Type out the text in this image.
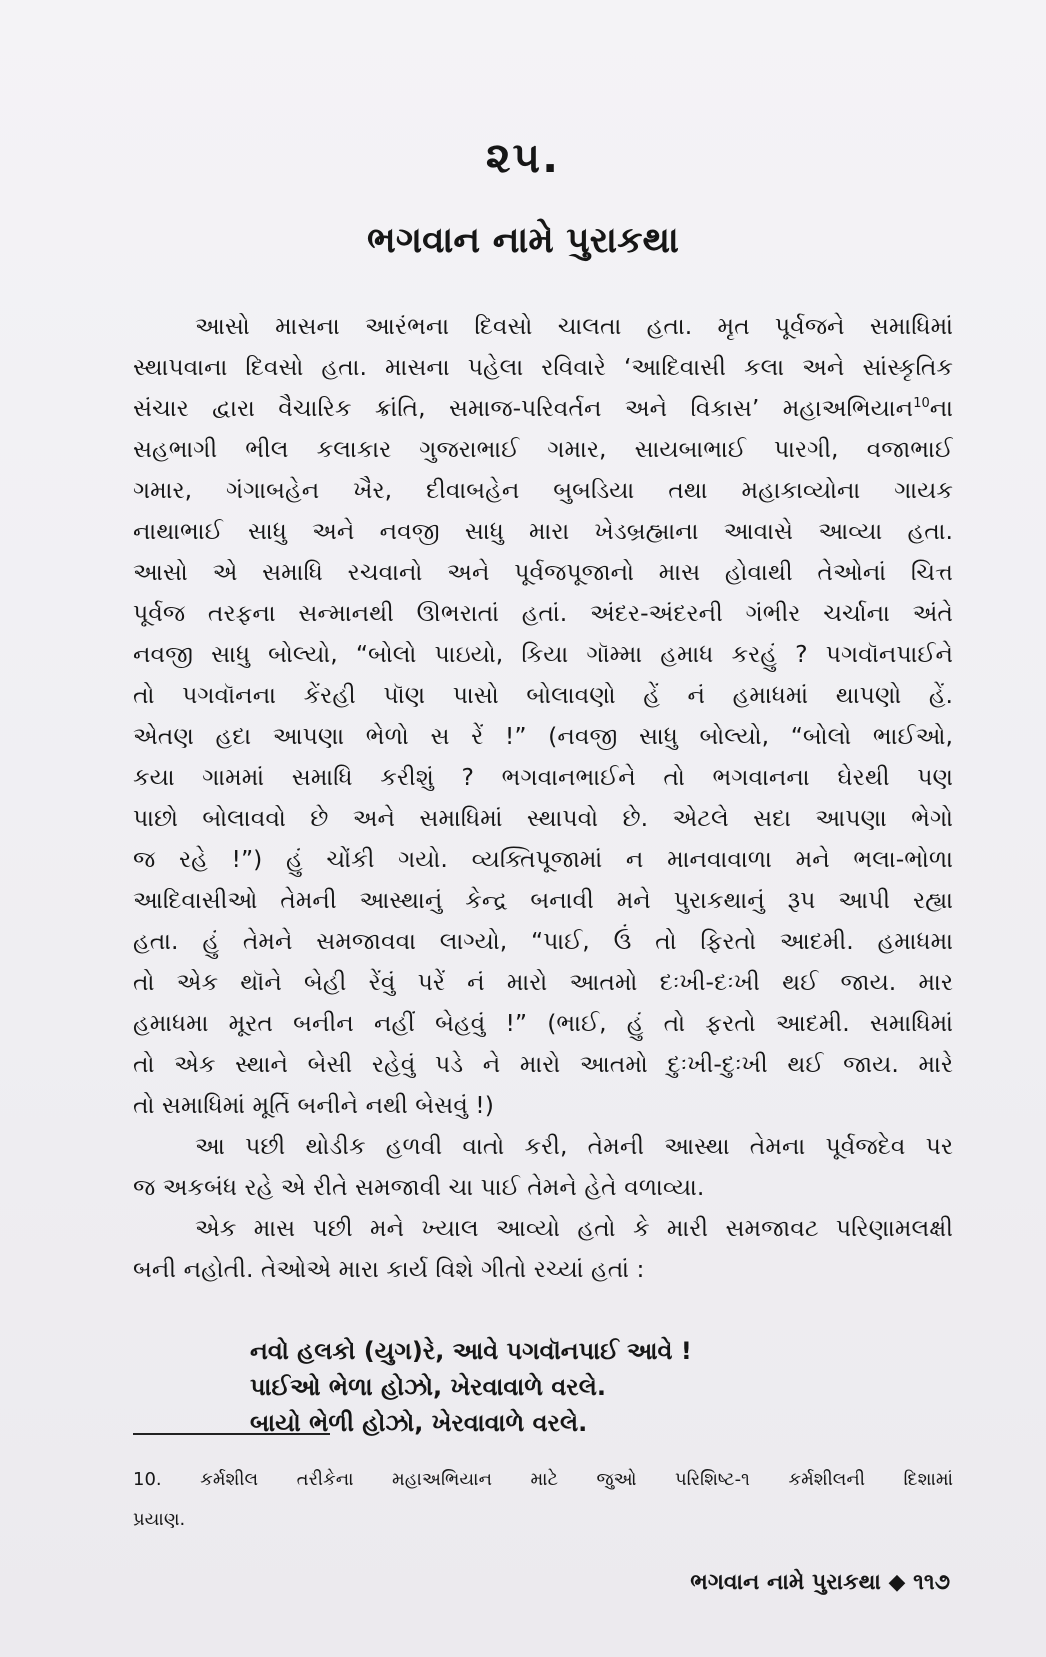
૨૫.
ભગવાન નામે પુરાકથા
આસો માસના આરંભના દિવસો ચાલતા હતા. મૃત પૂર્વજને સમાધિમાં
સ્થાપવાના દિવસો હતા. માસના પહેલા રવિવારે ‘આદિવાસી કલા અને સાંસ્કૃતિક
સંચાર દ્વારા વૈચારિક ક્રાંતિ, સમાજ-પરિવર્તન અને વિકાસ’ મહાઅભિયાન$^{10}$ના
સહભાગી ભીલ કલાકાર ગુજરાભાઈ ગમાર, સાયબાભાઈ પારગી, વજાભાઈ
ગમાર, ગંગાબહેન ખૈર, દીવાબહેન બુબડિયા તથા મહાકાવ્યોના ગાયક
નાથાભાઈ સાધુ અને નવજી સાધુ મારા ખેડબ્રહ્માના આવાસે આવ્યા હતા.
આસો એ સમાધિ રચવાનો અને પૂર્વજપૂજાનો માસ હોવાથી તેઓનાં ચિત્ત
પૂર્વજ તરફના સન્માનથી ઊભરાતાં હતાં. અંદર-અંદરની ગંભીર ચર્ચાના અંતે
નવજી સાધુ બોલ્યો, “બોલો પાઇયો, કિયા ગૉમ્મા હમાધ કરહું ? પગવૉનપાઈને
તો પગવૉનના કેંરહી પૉણ પાસો બોલાવણો હેં નં હમાધમાં થાપણો હેં.
એતણ હદા આપણા ભેળો સ રેં !” (નવજી સાધુ બોલ્યો, “બોલો ભાઈઓ,
કયા ગામમાં સમાધિ કરીશું ? ભગવાનભાઈને તો ભગવાનના ઘેરથી પણ
પાછો બોલાવવો છે અને સમાધિમાં સ્થાપવો છે. એટલે સદા આપણા ભેગો
જ રહે !”) હું ચોંકી ગયો. વ્યક્તિપૂજામાં ન માનવાવાળા મને ભલા-ભોળા
આદિવાસીઓ તેમની આસ્થાનું કેન્દ્ર બનાવી મને પુરાકથાનું રૂપ આપી રહ્યા
હતા. હું તેમને સમજાવવા લાગ્યો, “પાઈ, ઉં તો ફિરતો આદમી. હમાધમા
તો એક થૉને બેહી રેંવું પરેં નં મારો આતમો દઃખી-દઃખી થઈ જાય. માર
હમાધમા મૂરત બનીન નહીં બેહવું !” (ભાઈ, હું તો ફરતો આદમી. સમાધિમાં
તો એક સ્થાને બેસી રહેવું પડે ને મારો આતમો દુઃખી-દુઃખી થઈ જાય. મારે
તો સમાધિમાં મૂર્તિ બનીને નથી બેસવું !)
આ પછી થોડીક હળવી વાતો કરી, તેમની આસ્થા તેમના પૂર્વજદેવ પર
જ અકબંધ રહે એ રીતે સમજાવી ચા પાઈ તેમને હેતે વળાવ્યા.
એક માસ પછી મને ખ્યાલ આવ્યો હતો કે મારી સમજાવટ પરિણામલક્ષી
બની નહોતી. તેઓએ મારા કાર્ય વિશે ગીતો રચ્યાં હતાં :
નવો હલકો (યુગ)રે, આવે પગવૉનપાઈ આવે !
પાઈઓ ભેળા હોઝો, ખેરવાવાળે વરલે.
બાયો ભેળી હોઝો, ખેરવાવાળે વરલે.
10. કર્મશીલ તરીકેના મહાઅભિયાન માટે જુઓ પરિશિષ્ટ-૧ કર્મશીલની દિશામાં
પ્રયાણ.
ભગવાન નામે પુરાકથા ◆ ૧૧૭
